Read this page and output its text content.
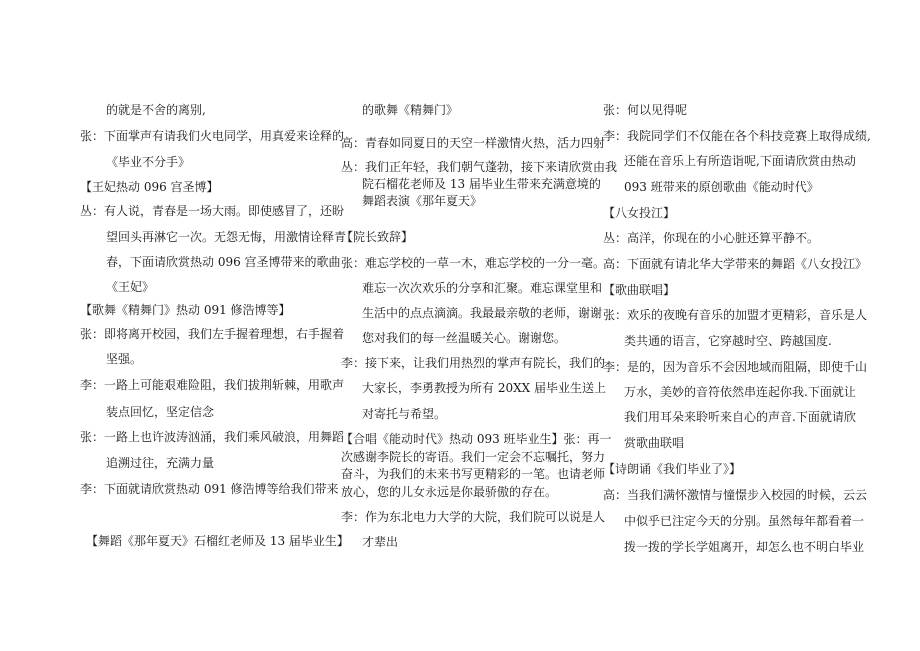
的就是不舍的离别,
张：下面掌声有请我们火电同学，用真爱来诠释的
《毕业不分手》
【王妃热动 096 宫圣博】
丛：有人说，青春是一场大雨。即使感冒了，还盼
望回头再淋它一次。无怨无悔，用激情诠释青
春，下面请欣赏热动 096 宫圣博带来的歌曲
《王妃》
【歌舞《精舞门》热动 091 修浩博等】
张：即将离开校园，我们左手握着理想，右手握着
坚强。
李：一路上可能艰难险阻，我们拔荆斩棘，用歌声
装点回忆，坚定信念
张：一路上也许波涛汹涌，我们乘风破浪，用舞蹈
追溯过往，充满力量
李：下面就请欣赏热动 091 修浩博等给我们带来
【舞蹈《那年夏天》石榴红老师及 13 届毕业生】
的歌舞《精舞门》
高：青春如同夏日的天空一样激情火热，活力四射
丛：我们正年轻，我们朝气蓬勃，接下来请欣赏由我
院石榴花老师及 13 届毕业生带来充满意境的
舞蹈表演《那年夏天》
【院长致辞】
张：难忘学校的一草一木，难忘学校的一分一毫。
难忘一次次欢乐的分享和汇聚。难忘课堂里和
生活中的点点滴滴。我最最亲敬的老师，谢谢
您对我们的每一丝温暖关心。谢谢您。
李：接下来，让我们用热烈的掌声有院长，我们的
大家长，李勇教授为所有 20XX 届毕业生送上
对寄托与希望。
【合唱《能动时代》热动 093 班毕业生】张：再一
次感谢李院长的寄语。我们一定会不忘嘱托，努力
奋斗，为我们的未来书写更精彩的一笔。也请老师
放心，您的儿女永远是你最骄傲的存在。
李：作为东北电力大学的大院，我们院可以说是人
才辈出
张：何以见得呢
李：我院同学们不仅能在各个科技竞赛上取得成绩,
还能在音乐上有所造诣呢,下面请欣赏由热动
093 班带来的原创歌曲《能动时代》
【八女投江】
丛：高洋，你现在的小心脏还算平静不。
高：下面就有请北华大学带来的舞蹈《八女投江》
【歌曲联唱】
张：欢乐的夜晚有音乐的加盟才更精彩，音乐是人
类共通的语言，它穿越时空、跨越国度.
李：是的，因为音乐不会因地域而阻隔，即使千山
万水，美妙的音符依然串连起你我.下面就让
我们用耳朵来聆听来自心的声音.下面就请欣
赏歌曲联唱
【诗朗诵《我们毕业了》】
高：当我们满怀激情与憧憬步入校园的时候，云云
中似乎已注定今天的分别。虽然每年都看着一
拨一拨的学长学姐离开，却怎么也不明白毕业
